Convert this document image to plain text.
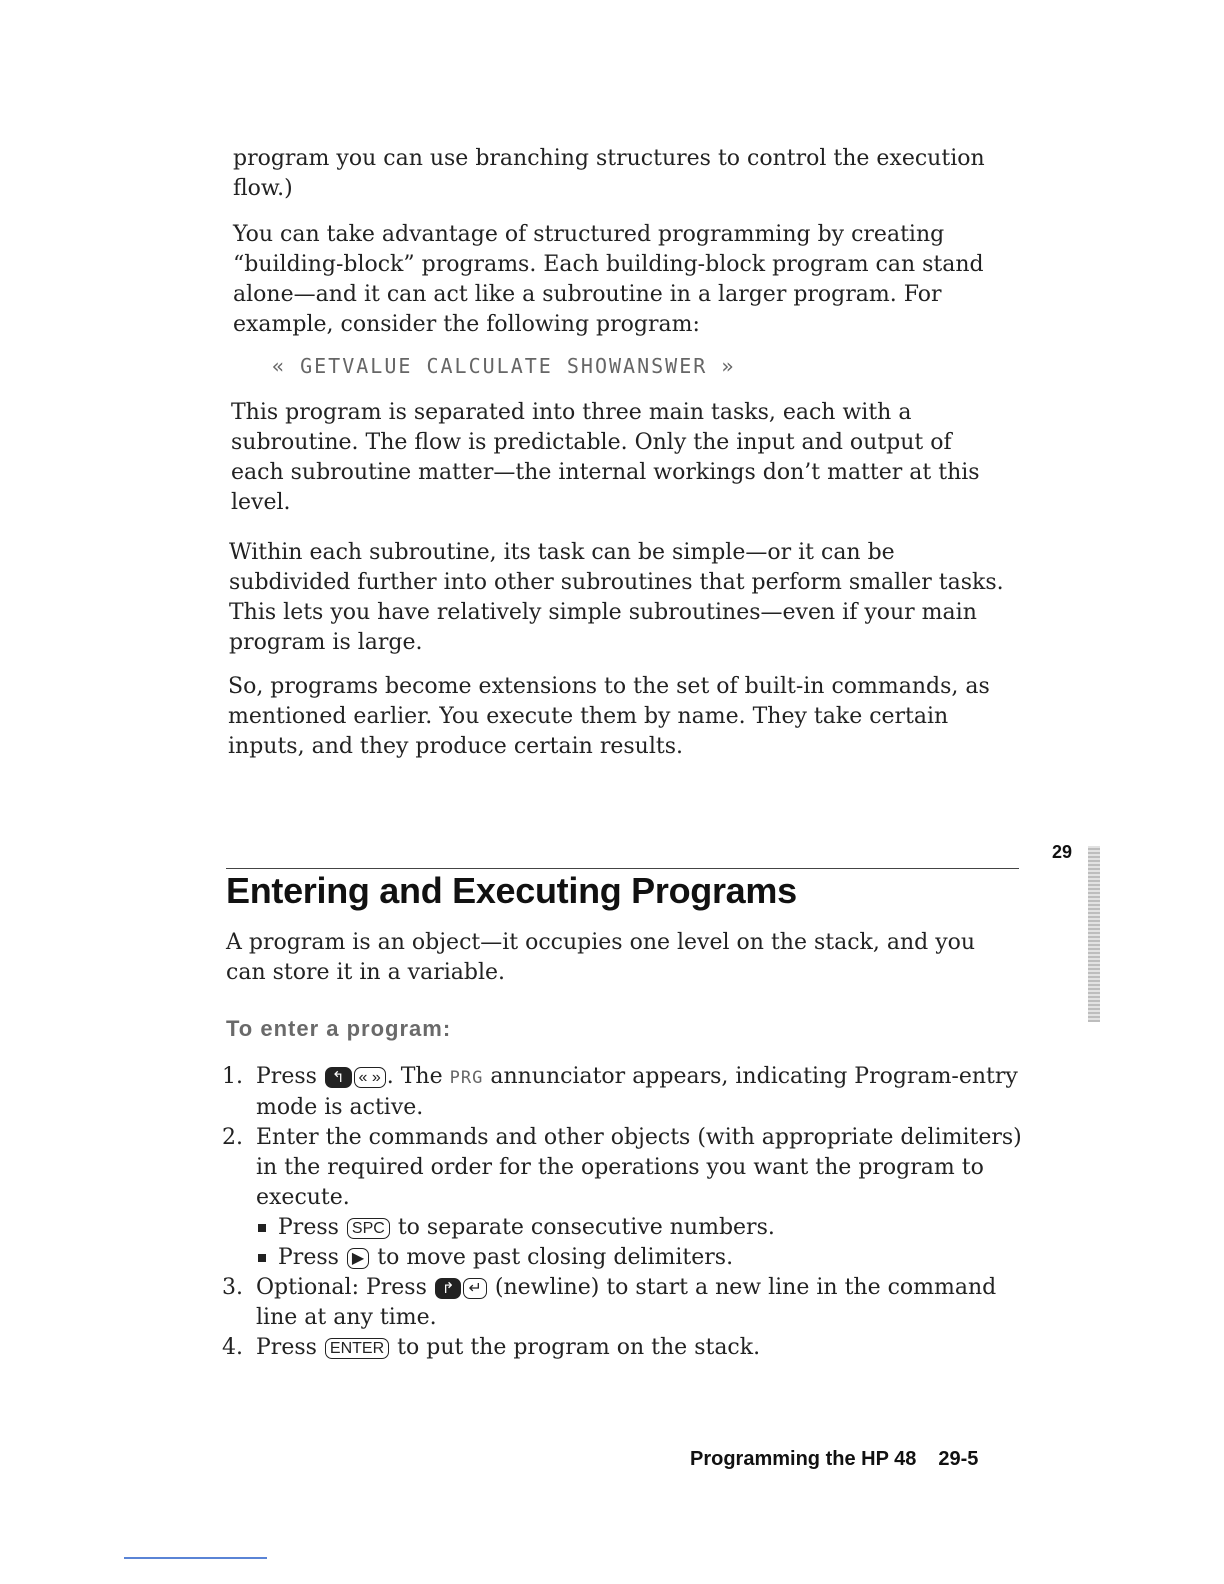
program you can use branching structures to control the execution flow.)

You can take advantage of structured programming by creating “building-block” programs. Each building-block program can stand alone—and it can act like a subroutine in a larger program. For example, consider the following program:

« GETVALUE CALCULATE SHOWANSWER »

This program is separated into three main tasks, each with a subroutine. The flow is predictable. Only the input and output of each subroutine matter—the internal workings don’t matter at this level.

Within each subroutine, its task can be simple—or it can be subdivided further into other subroutines that perform smaller tasks. This lets you have relatively simple subroutines—even if your main program is large.

So, programs become extensions to the set of built-in commands, as mentioned earlier. You execute them by name. They take certain inputs, and they produce certain results.

29
Entering and Executing Programs

A program is an object—it occupies one level on the stack, and you can store it in a variable.

To enter a program:
1. Press ↰ « » . The PRG annunciator appears, indicating Program-entry mode is active.
2. Enter the commands and other objects (with appropriate delimiters) in the required order for the operations you want the program to execute.
Press SPC to separate consecutive numbers.
Press ▶ to move past closing delimiters.
3. Optional: Press ↱ ↵ (newline) to start a new line in the command line at any time.
4. Press ENTER to put the program on the stack.
Programming the HP 48 29-5
